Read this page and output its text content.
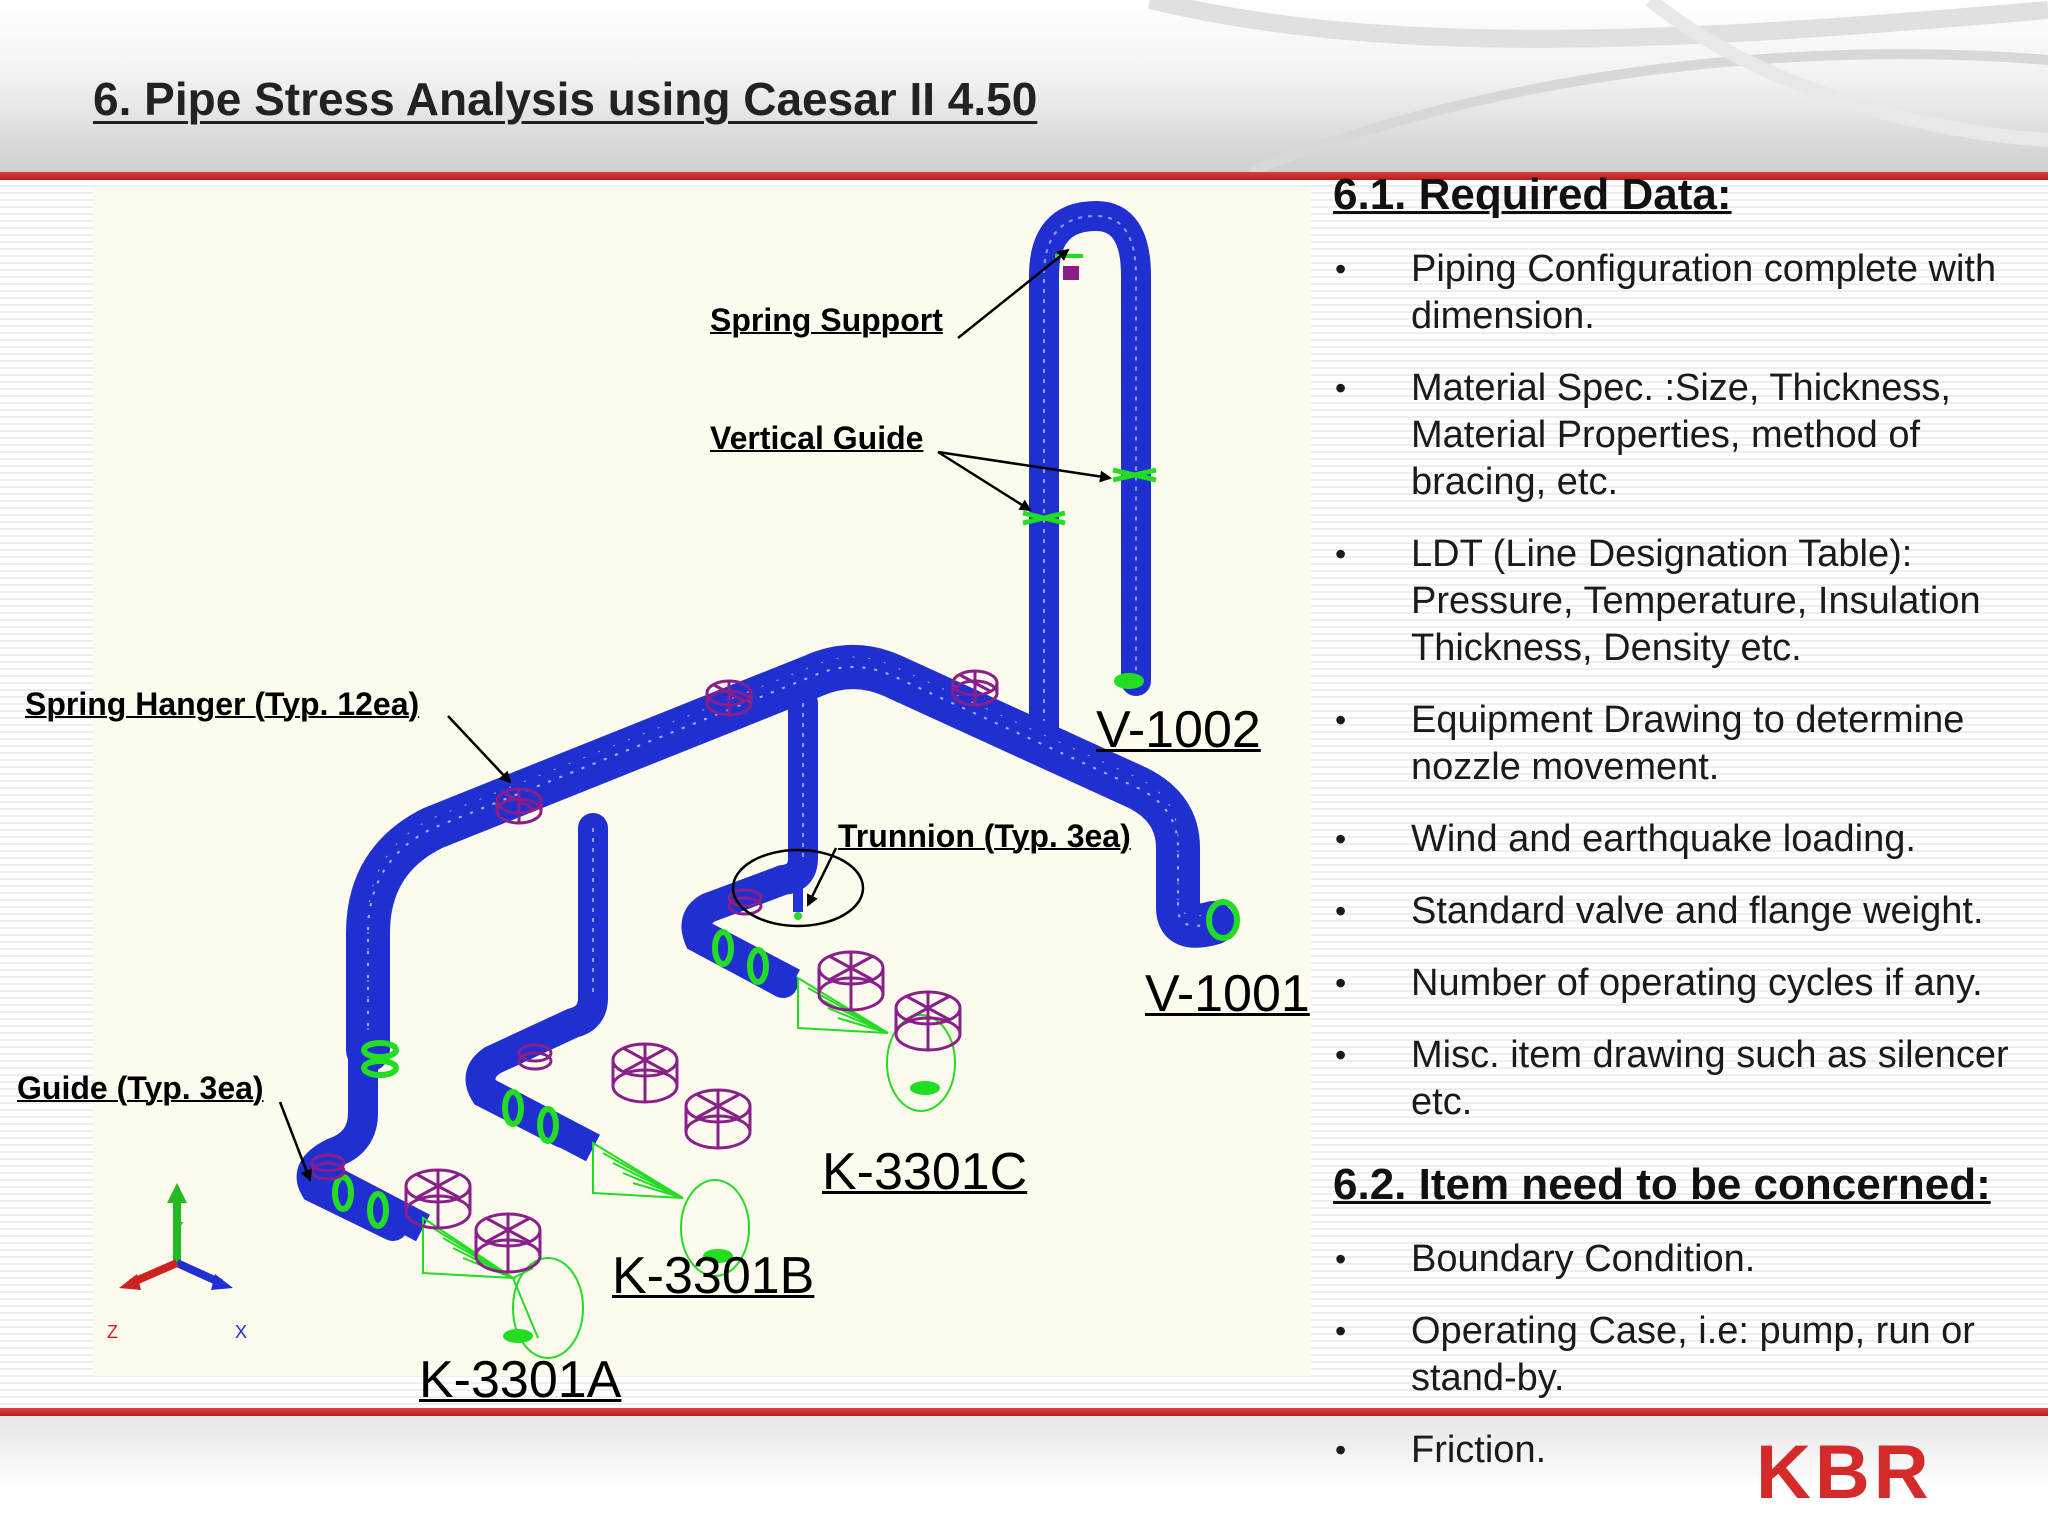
6. Pipe Stress Analysis using Caesar II 4.50
Y
X
Z
Spring Support
Vertical Guide
Spring Hanger (Typ. 12ea)
Trunnion (Typ. 3ea)
Guide (Typ. 3ea)
V-1002
V-1001
K-3301C
K-3301B
K-3301A
6.1. Required Data:
• Piping Configuration complete with dimension.
• Material Spec. :Size, Thickness, Material Properties, method of bracing, etc.
• LDT (Line Designation Table): Pressure, Temperature, Insulation Thickness, Density etc.
• Equipment Drawing to determine nozzle movement.
• Wind and earthquake loading.
• Standard valve and flange weight.
• Number of operating cycles if any.
• Misc. item drawing such as silencer etc.
6.2. Item need to be concerned:
• Boundary Condition.
• Operating Case, i.e: pump, run or stand-by.
• Friction.	KBR
